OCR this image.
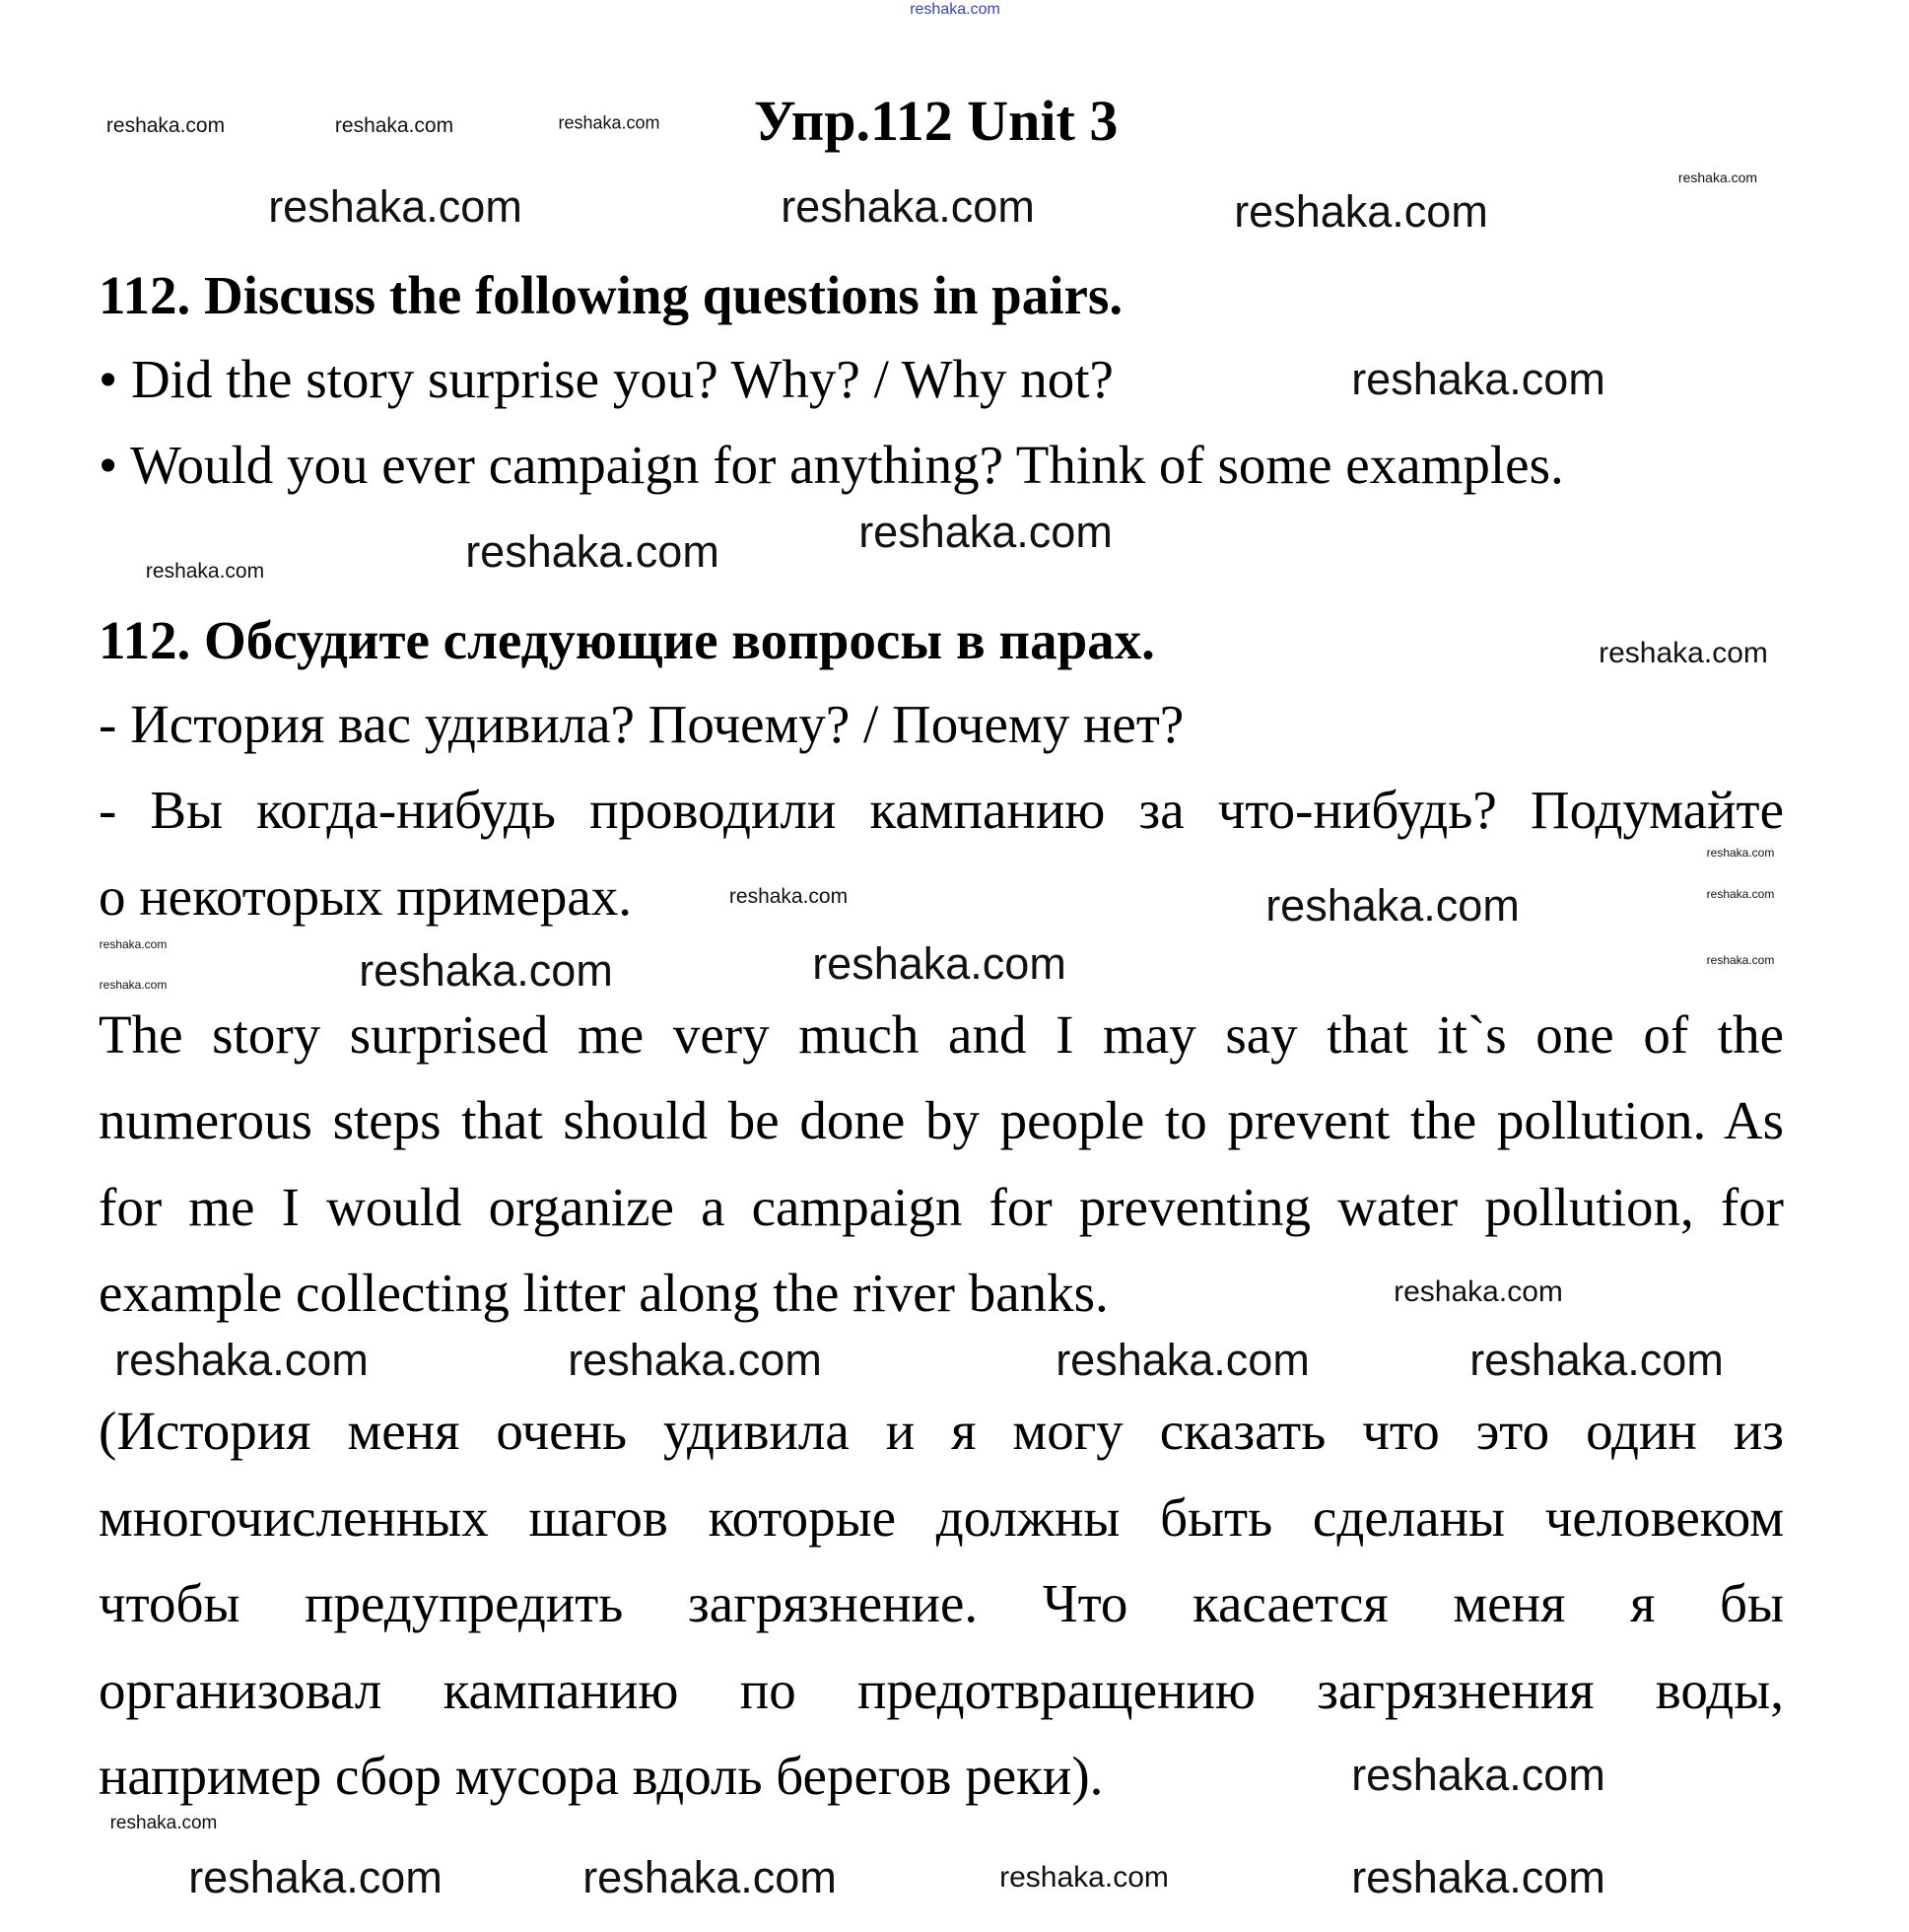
Упр.112 Unit 3
112. Discuss the following questions in pairs.
• Did the story surprise you? Why? / Why not?
• Would you ever campaign for anything? Think of some examples.
112. Обсудите следующие вопросы в парах.
- История вас удивила? Почему? / Почему нет?
- Вы когда-нибудь проводили кампанию за что-нибудь? Подумайте
о некоторых примерах.
The story surprised me very much and I may say that it`s one of the
numerous steps that should be done by people to prevent the pollution. As
for me I would organize a campaign for preventing water pollution, for
example collecting litter along the river banks.
(История меня очень удивила и я могу сказать что это один из
многочисленных шагов которые должны быть сделаны человеком
чтобы предупредить загрязнение. Что касается меня я бы
организовал кампанию по предотвращению загрязнения воды,
например сбор мусора вдоль берегов реки).
reshaka.com
reshaka.com	reshaka.com	reshaka.com
reshaka.com
reshaka.com
reshaka.com	reshaka.com
reshaka.com
reshaka.com	reshaka.com
reshaka.com
reshaka.com
reshaka.com
reshaka.com
reshaka.com	reshaka.com
reshaka.com	reshaka.com	reshaka.com
reshaka.com	reshaka.com
reshaka.com
reshaka.com	reshaka.com	reshaka.com	reshaka.com
reshaka.com
reshaka.com
reshaka.com
reshaka.com	reshaka.com	reshaka.com
